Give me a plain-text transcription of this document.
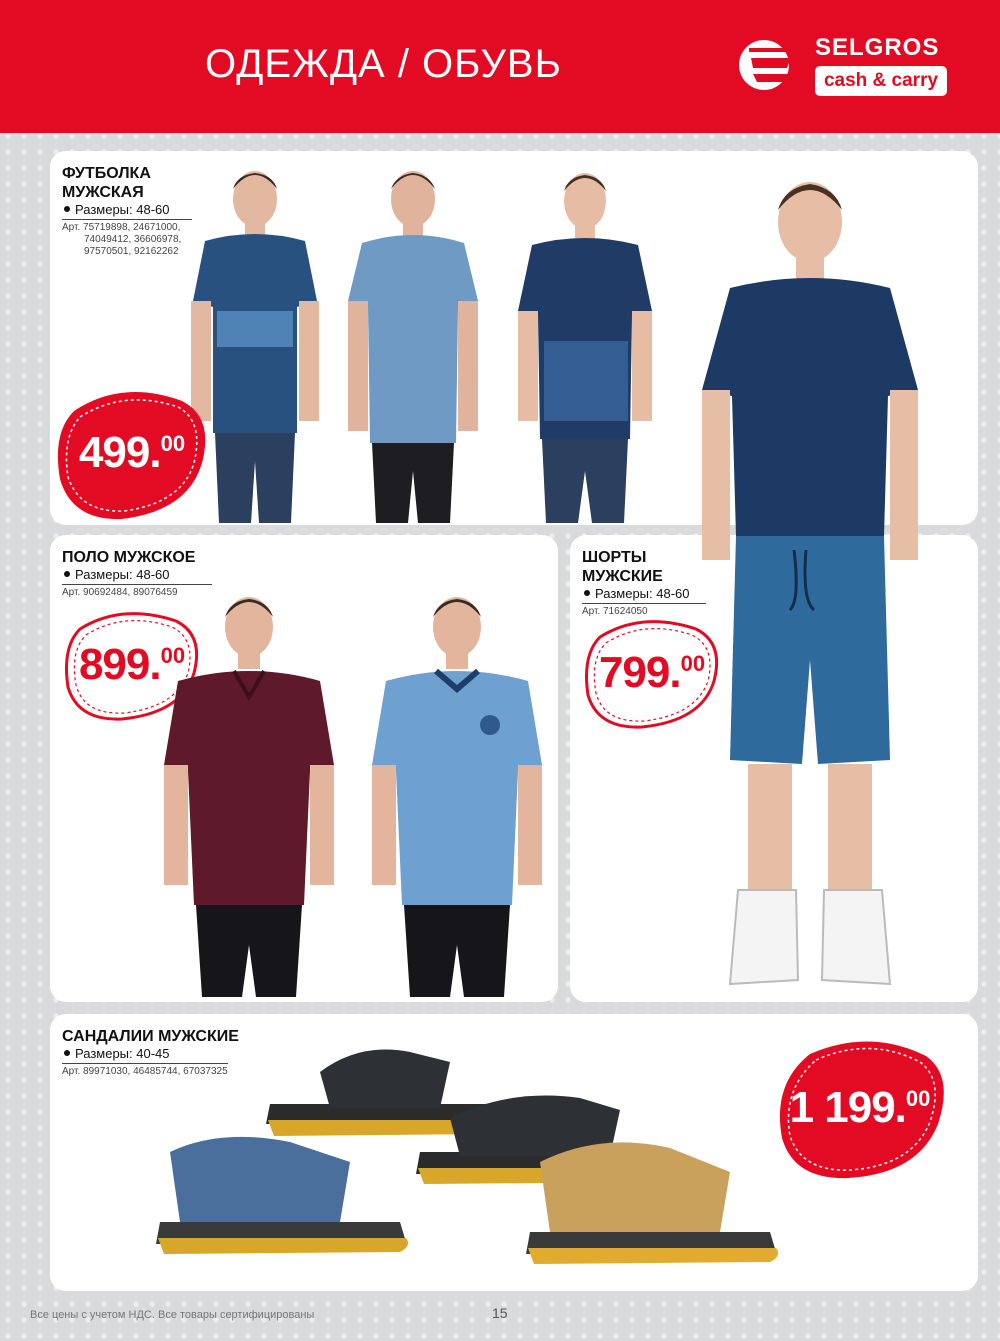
ОДЕЖДА / ОБУВЬ	SELGROS
cash & carry
ФУТБОЛКА
МУЖСКАЯ
Размеры: 48-60
Арт. 75719898, 24671000,
74049412, 36606978,
97570501, 92162262
499. 00
ПОЛО МУЖСКОЕ
Размеры: 48-60
Арт. 90692484, 89076459
899. 00
ШОРТЫ
МУЖСКИЕ
Размеры: 48-60
Арт. 71624050
799. 00
САНДАЛИИ МУЖСКИЕ
Размеры: 40-45
Арт. 89971030, 46485744, 67037325
1 199. 00
Все цены с учетом НДС. Все товары сертифицированы	15
